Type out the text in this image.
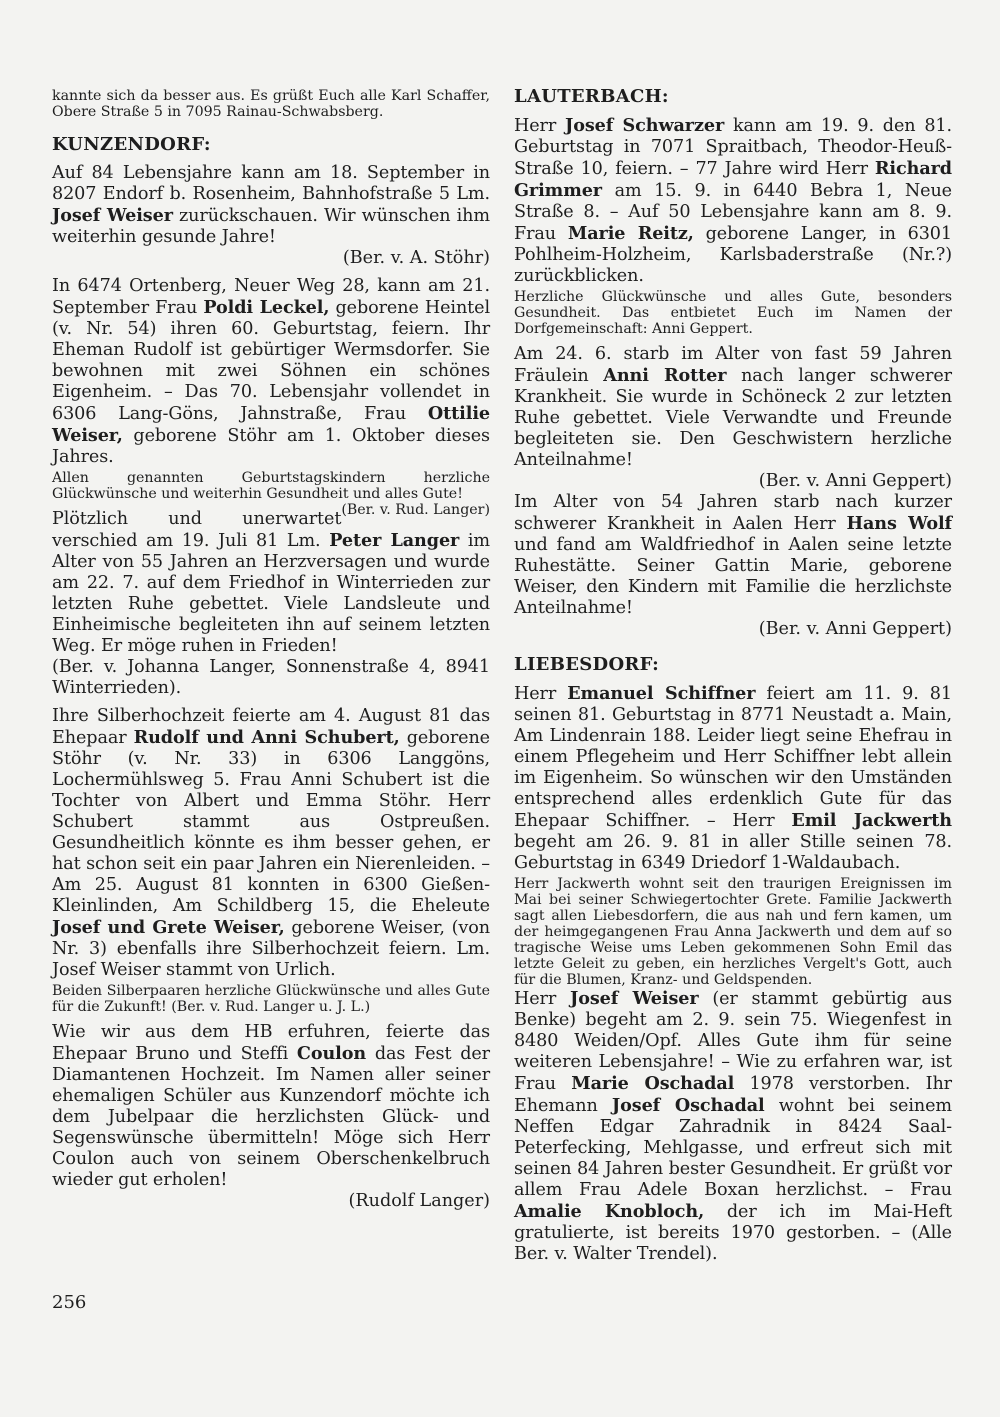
kannte sich da besser aus. Es grüßt Euch alle Karl Schaffer, Obere Straße 5 in 7095 Rainau-Schwabsberg.

KUNZENDORF:

Auf 84 Lebensjahre kann am 18. September in 8207 Endorf b. Rosenheim, Bahnhofstraße 5 Lm. Josef Weiser zurückschauen. Wir wünschen ihm weiterhin gesunde Jahre!

(Ber. v. A. Stöhr)

In 6474 Ortenberg, Neuer Weg 28, kann am 21. September Frau Poldi Leckel, geborene Heintel (v. Nr. 54) ihren 60. Geburtstag, feiern. Ihr Eheman Rudolf ist gebürtiger Wermsdorfer. Sie bewohnen mit zwei Söhnen ein schönes Eigenheim. – Das 70. Lebensjahr vollendet in 6306 Lang-Göns, Jahnstraße, Frau Ottilie Weiser, geborene Stöhr am 1. Oktober dieses Jahres.

Allen genannten Geburtstagskindern herzliche Glückwünsche und weiterhin Gesundheit und alles Gute!
(Ber. v. Rud. Langer)

Plötzlich und unerwartet verschied am 19. Juli 81 Lm. Peter Langer im Alter von 55 Jahren an Herzversagen und wurde am 22. 7. auf dem Friedhof in Winterrieden zur letzten Ruhe gebettet. Viele Landsleute und Einheimische begleiteten ihn auf seinem letzten Weg. Er möge ruhen in Frieden!

(Ber. v. Johanna Langer, Sonnenstraße 4, 8941 Winterrieden).

Ihre Silberhochzeit feierte am 4. August 81 das Ehepaar Rudolf und Anni Schubert, geborene Stöhr (v. Nr. 33) in 6306 Langgöns, Lochermühlsweg 5. Frau Anni Schubert ist die Tochter von Albert und Emma Stöhr. Herr Schubert stammt aus Ostpreußen. Gesundheitlich könnte es ihm besser gehen, er hat schon seit ein paar Jahren ein Nierenleiden. – Am 25. August 81 konnten in 6300 Gießen-Kleinlinden, Am Schildberg 15, die Eheleute Josef und Grete Weiser, geborene Weiser, (von Nr. 3) ebenfalls ihre Silberhochzeit feiern. Lm. Josef Weiser stammt von Urlich.

Beiden Silberpaaren herzliche Glückwünsche und alles Gute für die Zukunft! (Ber. v. Rud. Langer u. J. L.)

Wie wir aus dem HB erfuhren, feierte das Ehepaar Bruno und Steffi Coulon das Fest der Diamantenen Hochzeit. Im Namen aller seiner ehemaligen Schüler aus Kunzendorf möchte ich dem Jubelpaar die herzlichsten Glück- und Segenswünsche übermitteln! Möge sich Herr Coulon auch von seinem Oberschenkelbruch wieder gut erholen!

(Rudolf Langer)

LAUTERBACH:

Herr Josef Schwarzer kann am 19. 9. den 81. Geburtstag in 7071 Spraitbach, Theodor-Heuß-Straße 10, feiern. – 77 Jahre wird Herr Richard Grimmer am 15. 9. in 6440 Bebra 1, Neue Straße 8. – Auf 50 Lebensjahre kann am 8. 9. Frau Marie Reitz, geborene Langer, in 6301 Pohlheim-Holzheim, Karlsbaderstraße (Nr.?) zurückblicken.

Herzliche Glückwünsche und alles Gute, besonders Gesundheit. Das entbietet Euch im Namen der Dorfgemeinschaft: Anni Geppert.

Am 24. 6. starb im Alter von fast 59 Jahren Fräulein Anni Rotter nach langer schwerer Krankheit. Sie wurde in Schöneck 2 zur letzten Ruhe gebettet. Viele Verwandte und Freunde begleiteten sie. Den Geschwistern herzliche Anteilnahme!

(Ber. v. Anni Geppert)

Im Alter von 54 Jahren starb nach kurzer schwerer Krankheit in Aalen Herr Hans Wolf und fand am Waldfriedhof in Aalen seine letzte Ruhestätte. Seiner Gattin Marie, geborene Weiser, den Kindern mit Familie die herzlichste Anteilnahme!

(Ber. v. Anni Geppert)

LIEBESDORF:

Herr Emanuel Schiffner feiert am 11. 9. 81 seinen 81. Geburtstag in 8771 Neustadt a. Main, Am Lindenrain 188. Leider liegt seine Ehefrau in einem Pflegeheim und Herr Schiffner lebt allein im Eigenheim. So wünschen wir den Umständen entsprechend alles erdenklich Gute für das Ehepaar Schiffner. – Herr Emil Jackwerth begeht am 26. 9. 81 in aller Stille seinen 78. Geburtstag in 6349 Driedorf 1-Waldaubach.

Herr Jackwerth wohnt seit den traurigen Ereignissen im Mai bei seiner Schwiegertochter Grete. Familie Jackwerth sagt allen Liebesdorfern, die aus nah und fern kamen, um der heimgegangenen Frau Anna Jackwerth und dem auf so tragische Weise ums Leben gekommenen Sohn Emil das letzte Geleit zu geben, ein herzliches Vergelt's Gott, auch für die Blumen, Kranz- und Geldspenden.

Herr Josef Weiser (er stammt gebürtig aus Benke) begeht am 2. 9. sein 75. Wiegenfest in 8480 Weiden/Opf. Alles Gute ihm für seine weiteren Lebensjahre! – Wie zu erfahren war, ist Frau Marie Oschadal 1978 verstorben. Ihr Ehemann Josef Oschadal wohnt bei seinem Neffen Edgar Zahradnik in 8424 Saal-Peterfecking, Mehlgasse, und erfreut sich mit seinen 84 Jahren bester Gesundheit. Er grüßt vor allem Frau Adele Boxan herzlichst. – Frau Amalie Knobloch, der ich im Mai-Heft gratulierte, ist bereits 1970 gestorben. – (Alle Ber. v. Walter Trendel).

256
